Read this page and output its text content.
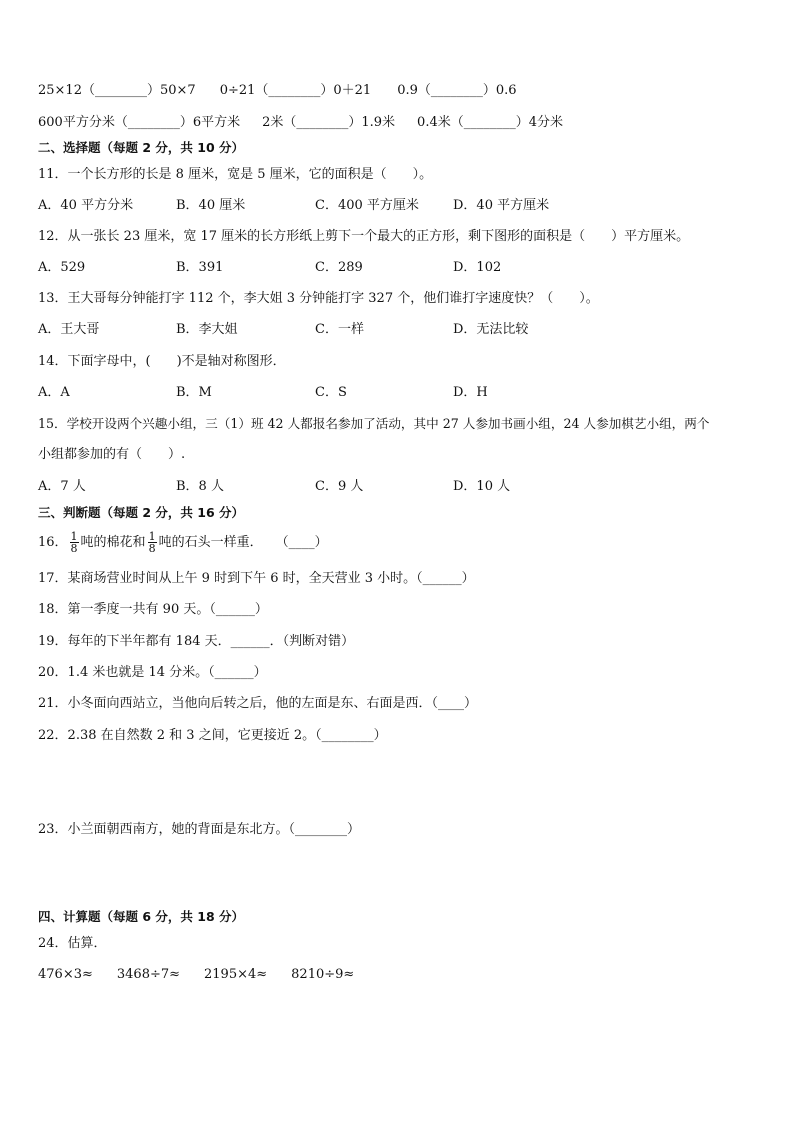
25×12（________）50×7 0÷21（________）0＋21 0.9（________）0.6
600平方分米（________）6平方米 2米（________）1.9米 0.4米（________）4分米
二、选择题（每题 2 分，共 10 分）
11．一个长方形的长是 8 厘米，宽是 5 厘米，它的面积是（　　）。
A．40 平方分米	B．40 厘米	C．400 平方厘米	D．40 平方厘米
12．从一张长 23 厘米，宽 17 厘米的长方形纸上剪下一个最大的正方形，剩下图形的面积是（　　）平方厘米。
A．529	B．391	C．289	D．102
13．王大哥每分钟能打字 112 个，李大姐 3 分钟能打字 327 个，他们谁打字速度快？（　　）。
A．王大哥	B．李大姐	C．一样	D．无法比较
14．下面字母中，(　　)不是轴对称图形．
A．A	B．M	C．S	D．H
15．学校开设两个兴趣小组，三（1）班 42 人都报名参加了活动，其中 27 人参加书画小组，24 人参加棋艺小组，两个
小组都参加的有（　　）.
A．7 人	B．8 人	C．9 人	D．10 人
三、判断题（每题 2 分，共 16 分）
16． $\frac{1}{8}$ 吨的棉花和 $\frac{1}{8}$ 吨的石头一样重．　　（____）
17．某商场营业时间从上午 9 时到下午 6 时，全天营业 3 小时。（______）
18．第一季度一共有 90 天。（______）
19．每年的下半年都有 184 天．______．（判断对错）
20．1.4 米也就是 14 分米。（______）
21．小冬面向西站立，当他向后转之后，他的左面是东、右面是西．（____）
22．2.38 在自然数 2 和 3 之间，它更接近 2。（________）
23．小兰面朝西南方，她的背面是东北方。（________）
四、计算题（每题 6 分，共 18 分）
24．估算．
476×3≈ 3468÷7≈ 2195×4≈ 8210÷9≈
